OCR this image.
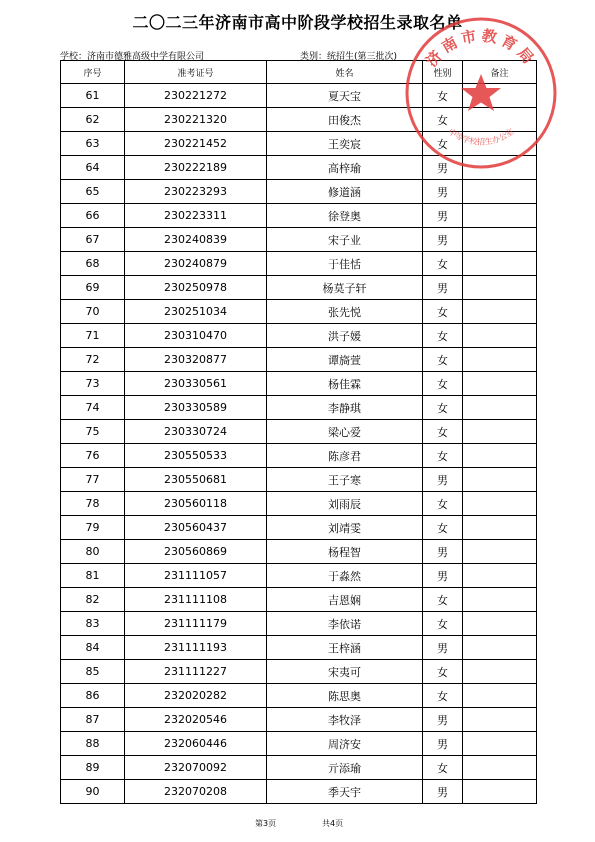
二〇二三年济南市高中阶段学校招生录取名单
学校：济南市德雅高级中学有限公司	类别：统招生(第三批次)
序号	准考证号	姓名	性别	备注
61	230221272	夏天宝	女	
62	230221320	田俊杰	女	
63	230221452	王奕宸	女	
64	230222189	高梓瑜	男	
65	230223293	修道涵	男	
66	230223311	徐登奥	男	
67	230240839	宋子业	男	
68	230240879	于佳恬	女	
69	230250978	杨莫子轩	男	
70	230251034	张先悦	女	
71	230310470	洪子媛	女	
72	230320877	谭旖萱	女	
73	230330561	杨佳霖	女	
74	230330589	李静琪	女	
75	230330724	梁心爱	女	
76	230550533	陈彦君	女	
77	230550681	王子寒	男	
78	230560118	刘雨辰	女	
79	230560437	刘靖雯	女	
80	230560869	杨程智	男	
81	231111057	于淼然	男	
82	231111108	吉恩娴	女	
83	231111179	李依诺	女	
84	231111193	王梓涵	男	
85	231111227	宋夷可	女	
86	232020282	陈思奥	女	
87	232020546	李牧泽	男	
88	232060446	周济安	男	
89	232070092	亓添瑜	女	
90	232070208	季天宇	男	
济南市教育局
中等学校招生办公室
第3页	共4页
